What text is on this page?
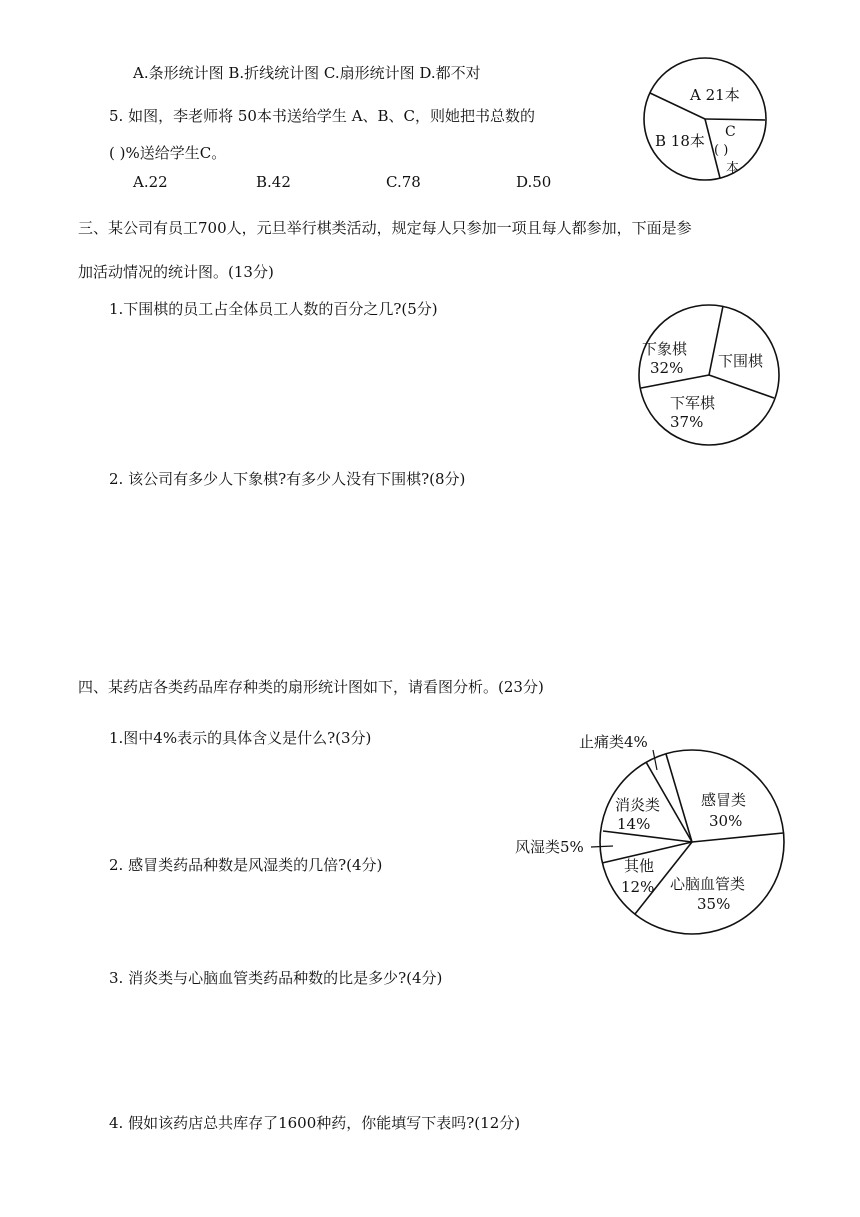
A.条形统计图 B.折线统计图 C.扇形统计图 D.都不对
5. 如图，李老师将 50本书送给学生 A、B、C，则她把书总数的
( )%送给学生C。
A.22	B.42	C.78	D.50
A 21本
B 18本 C
( )
本
三、某公司有员工700人，元旦举行棋类活动，规定每人只参加一项且每人都参加，下面是参
加活动情况的统计图。(13分)
1.下围棋的员工占全体员工人数的百分之几?(5分)
2. 该公司有多少人下象棋?有多少人没有下围棋?(8分)
下象棋
32% 下围棋
下军棋
37%
四、某药店各类药品库存种类的扇形统计图如下，请看图分析。(23分)
1.图中4%表示的具体含义是什么?(3分)
2. 感冒类药品种数是风湿类的几倍?(4分)
3. 消炎类与心脑血管类药品种数的比是多少?(4分)
4. 假如该药店总共库存了1600种药，你能填写下表吗?(12分)
止痛类4%
感冒类
30%
消炎类
14%
风湿类5%
其他
12% 心脑血管类
35%
